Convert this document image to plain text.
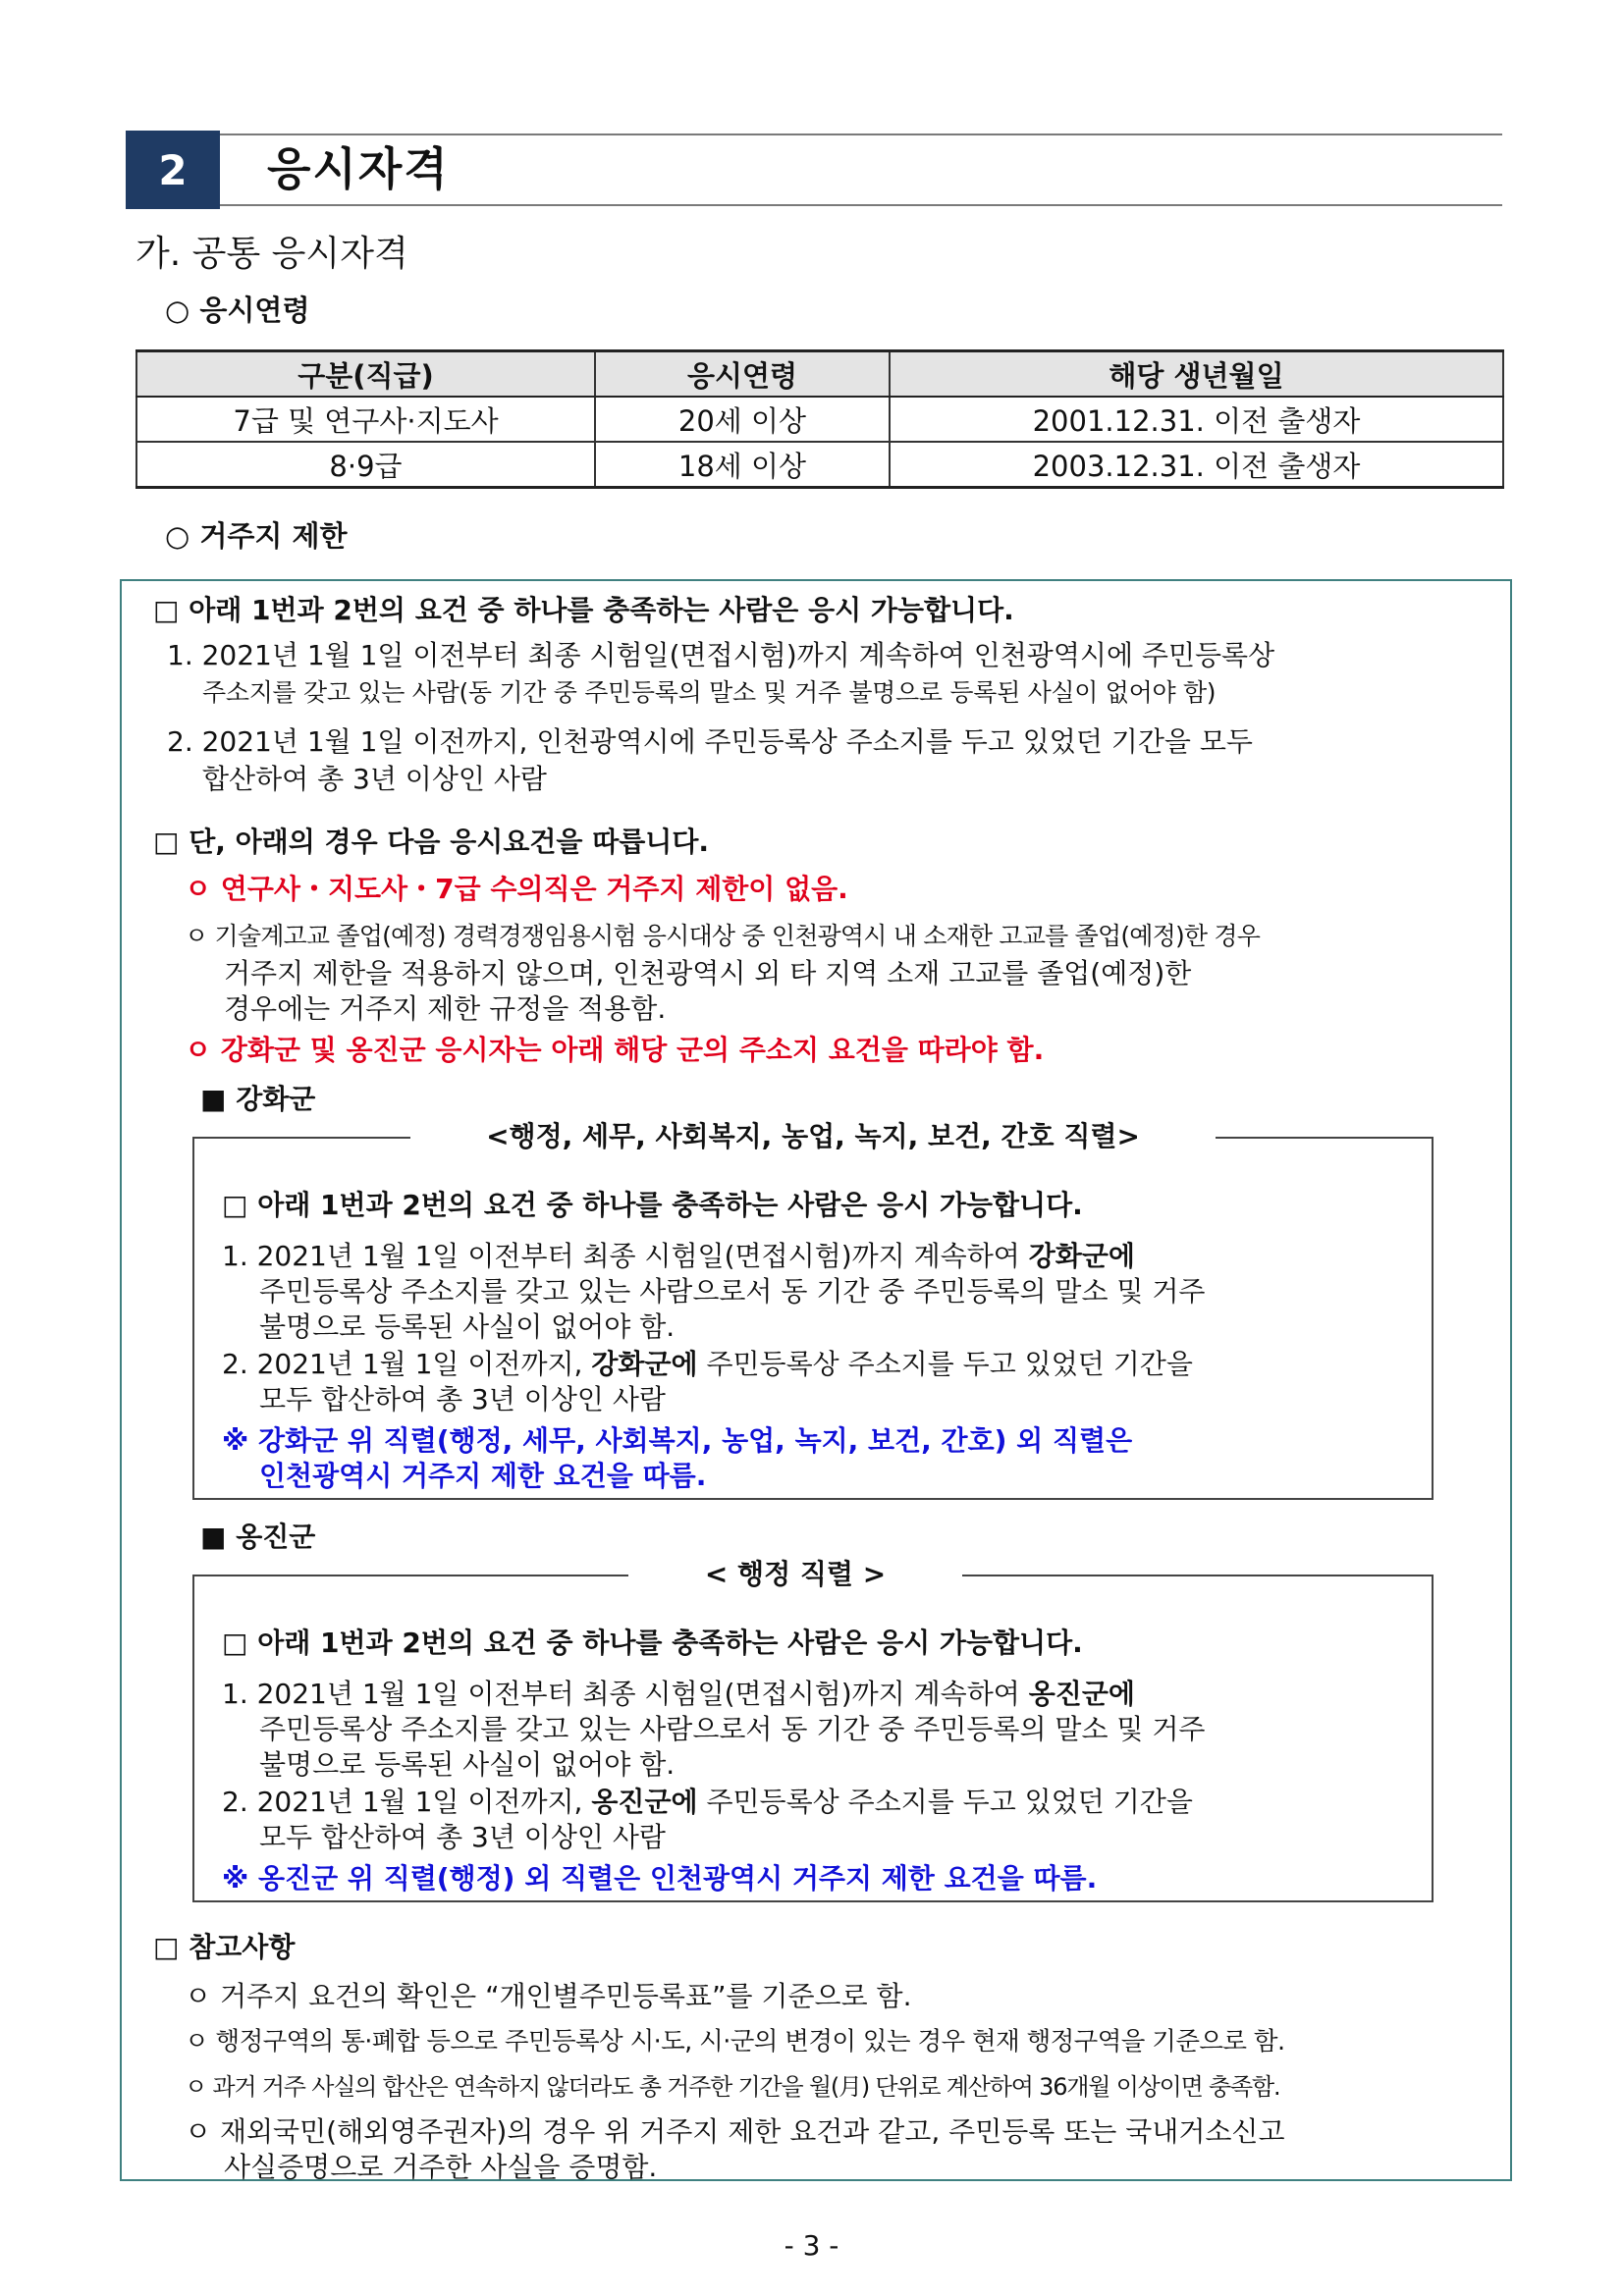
2	응시자격
가. 공통 응시자격
○ 응시연령
구분(직급)	응시연령	해당 생년월일
7급 및 연구사·지도사	20세 이상	2001.12.31. 이전 출생자
8·9급	18세 이상	2003.12.31. 이전 출생자
○ 거주지 제한
□ 아래 1번과 2번의 요건 중 하나를 충족하는 사람은 응시 가능합니다.
1. 2021년 1월 1일 이전부터 최종 시험일(면접시험)까지 계속하여 인천광역시에 주민등록상
주소지를 갖고 있는 사람(동 기간 중 주민등록의 말소 및 거주 불명으로 등록된 사실이 없어야 함)
2. 2021년 1월 1일 이전까지, 인천광역시에 주민등록상 주소지를 두고 있었던 기간을 모두
합산하여 총 3년 이상인 사람
□ 단, 아래의 경우 다음 응시요건을 따릅니다.
ㅇ 연구사・지도사・7급 수의직은 거주지 제한이 없음.
ㅇ 기술계고교 졸업(예정) 경력경쟁임용시험 응시대상 중 인천광역시 내 소재한 고교를 졸업(예정)한 경우
거주지 제한을 적용하지 않으며, 인천광역시 외 타 지역 소재 고교를 졸업(예정)한
경우에는 거주지 제한 규정을 적용함.
ㅇ 강화군 및 옹진군 응시자는 아래 해당 군의 주소지 요건을 따라야 함.
■ 강화군
<행정, 세무, 사회복지, 농업, 녹지, 보건, 간호 직렬>
□ 아래 1번과 2번의 요건 중 하나를 충족하는 사람은 응시 가능합니다.
1. 2021년 1월 1일 이전부터 최종 시험일(면접시험)까지 계속하여 강화군에
주민등록상 주소지를 갖고 있는 사람으로서 동 기간 중 주민등록의 말소 및 거주
불명으로 등록된 사실이 없어야 함.
2. 2021년 1월 1일 이전까지, 강화군에 주민등록상 주소지를 두고 있었던 기간을
모두 합산하여 총 3년 이상인 사람
※ 강화군 위 직렬(행정, 세무, 사회복지, 농업, 녹지, 보건, 간호) 외 직렬은
인천광역시 거주지 제한 요건을 따름.
■ 옹진군
< 행정 직렬 >
□ 아래 1번과 2번의 요건 중 하나를 충족하는 사람은 응시 가능합니다.
1. 2021년 1월 1일 이전부터 최종 시험일(면접시험)까지 계속하여 옹진군에
주민등록상 주소지를 갖고 있는 사람으로서 동 기간 중 주민등록의 말소 및 거주
불명으로 등록된 사실이 없어야 함.
2. 2021년 1월 1일 이전까지, 옹진군에 주민등록상 주소지를 두고 있었던 기간을
모두 합산하여 총 3년 이상인 사람
※ 옹진군 위 직렬(행정) 외 직렬은 인천광역시 거주지 제한 요건을 따름.
□ 참고사항
ㅇ 거주지 요건의 확인은 “개인별주민등록표”를 기준으로 함.
ㅇ 행정구역의 통·폐합 등으로 주민등록상 시·도, 시·군의 변경이 있는 경우 현재 행정구역을 기준으로 함.
ㅇ 과거 거주 사실의 합산은 연속하지 않더라도 총 거주한 기간을 월(月) 단위로 계산하여 36개월 이상이면 충족함.
ㅇ 재외국민(해외영주권자)의 경우 위 거주지 제한 요건과 같고, 주민등록 또는 국내거소신고
사실증명으로 거주한 사실을 증명함.
- 3 -
